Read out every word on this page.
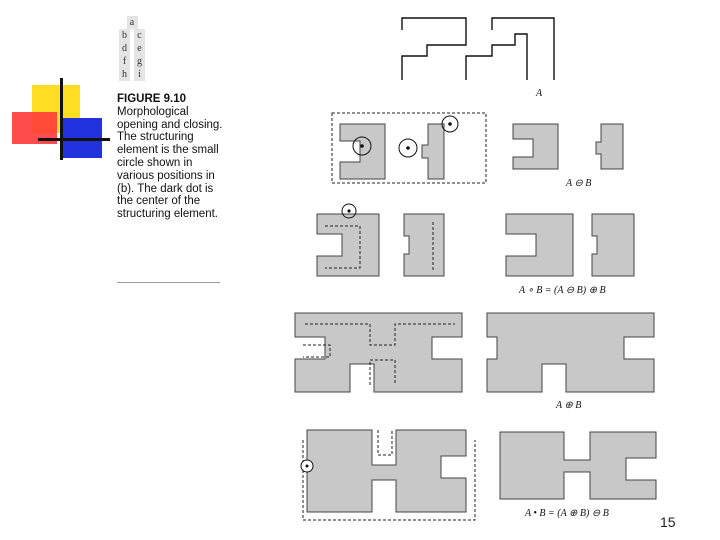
a
b	c
d	e
f	g
h	i
FIGURE 9.10
Morphological opening and closing. The structuring element is the small circle shown in various positions in (b). The dark dot is the center of the structuring element.
A
A ⊖ B
A ∘ B = (A ⊖ B) ⊕ B
A ⊕ B
A • B = (A ⊕ B) ⊖ B
15
